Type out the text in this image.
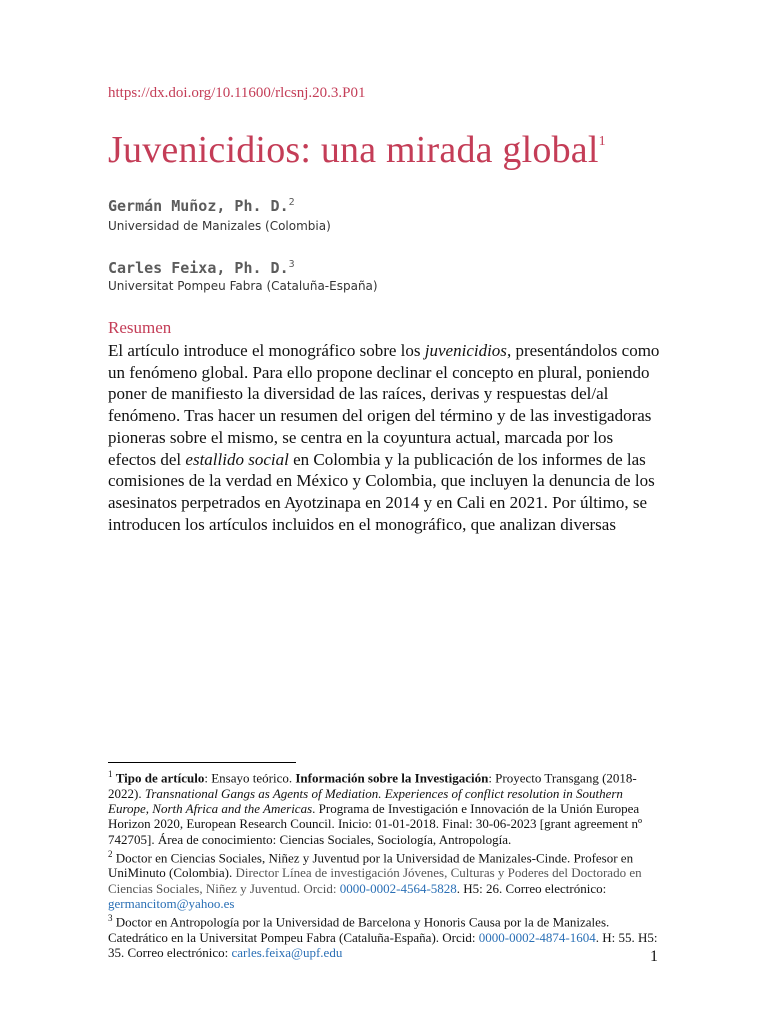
https://dx.doi.org/10.11600/rlcsnj.20.3.P01
Juvenicidios: una mirada global$^1$
Germán Muñoz, Ph. D.$^2$
Universidad de Manizales (Colombia)
Carles Feixa, Ph. D.$^3$
Universitat Pompeu Fabra (Cataluña-España)
Resumen

El artículo introduce el monográfico sobre los juvenicidios, presentándolos como un fenómeno global. Para ello propone declinar el concepto en plural, poniendo poner de manifiesto la diversidad de las raíces, derivas y respuestas del/al fenómeno. Tras hacer un resumen del origen del término y de las investigadoras pioneras sobre el mismo, se centra en la coyuntura actual, marcada por los efectos del estallido social en Colombia y la publicación de los informes de las comisiones de la verdad en México y Colombia, que incluyen la denuncia de los asesinatos perpetrados en Ayotzinapa en 2014 y en Cali en 2021. Por último, se introducen los artículos incluidos en el monográfico, que analizan diversas

$^1$ Tipo de artículo: Ensayo teórico. Información sobre la Investigación: Proyecto Transgang (2018-2022). Transnational Gangs as Agents of Mediation. Experiences of conflict resolution in Southern Europe, North Africa and the Americas. Programa de Investigación e Innovación de la Unión Europea Horizon 2020, European Research Council. Inicio: 01-01-2018. Final: 30-06-2023 [grant agreement nº 742705]. Área de conocimiento: Ciencias Sociales, Sociología, Antropología.

$^2$ Doctor en Ciencias Sociales, Niñez y Juventud por la Universidad de Manizales-Cinde. Profesor en UniMinuto (Colombia). Director Línea de investigación Jóvenes, Culturas y Poderes del Doctorado en Ciencias Sociales, Niñez y Juventud. Orcid: 0000-0002-4564-5828. H5: 26. Correo electrónico: germancitom@yahoo.es

$^3$ Doctor en Antropología por la Universidad de Barcelona y Honoris Causa por la de Manizales. Catedrático en la Universitat Pompeu Fabra (Cataluña-España). Orcid: 0000-0002-4874-1604. H: 55. H5: 35. Correo electrónico: carles.feixa@upf.edu	1
